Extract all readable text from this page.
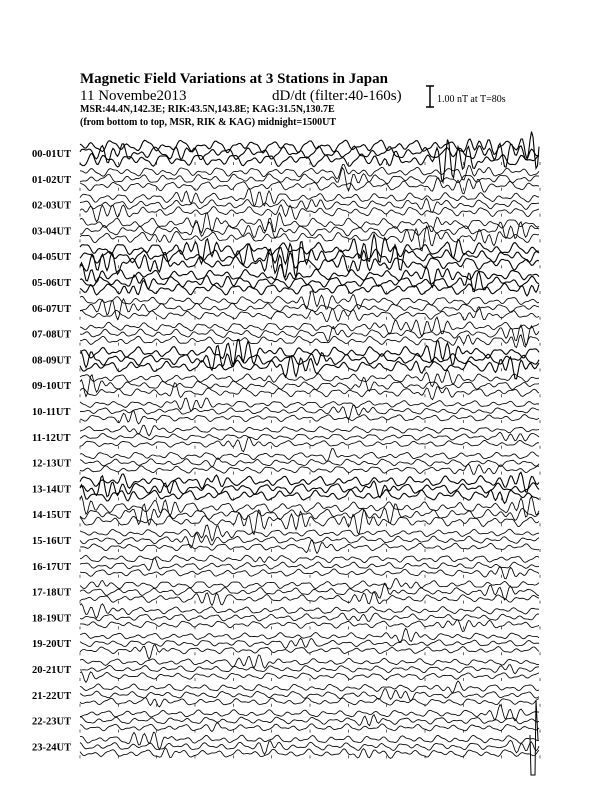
Magnetic Field Variations at 3 Stations in Japan
11 Novembe2013	dD/dt (filter:40-160s)
MSR:44.4N,142.3E; RIK:43.5N,143.8E; KAG:31.5N,130.7E
(from bottom to top, MSR, RIK & KAG) midnight=1500UT
1.00 nT at T=80s
00-01UT
01-02UT
02-03UT
03-04UT
04-05UT
05-06UT
06-07UT
07-08UT
08-09UT
09-10UT
10-11UT
11-12UT
12-13UT
13-14UT
14-15UT
15-16UT
16-17UT
17-18UT
18-19UT
19-20UT
20-21UT
21-22UT
22-23UT
23-24UT
